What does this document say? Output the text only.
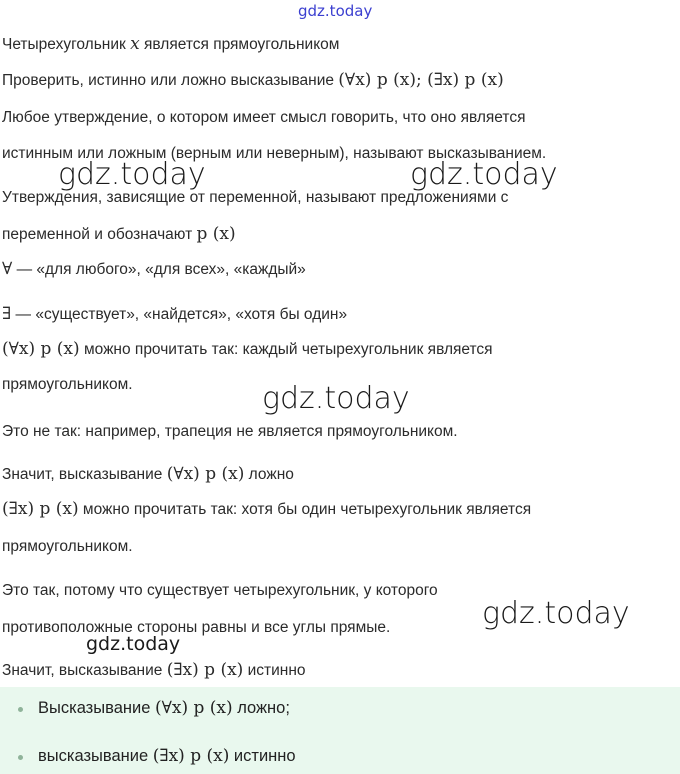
gdz.today
Четырехугольник x является прямоугольником
Проверить, истинно или ложно высказывание (∀x) p (x); (∃x) p (x)
Любое утверждение, о котором имеет смысл говорить, что оно является
истинным или ложным (верным или неверным), называют высказыванием.
Утверждения, зависящие от переменной, называют предложениями с
переменной и обозначают p (x)
∀ — «для любого», «для всех», «каждый»
∃ — «существует», «найдется», «хотя бы один»
(∀x) p (x) можно прочитать так: каждый четырехугольник является
прямоугольником.
Это не так: например, трапеция не является прямоугольником.
Значит, высказывание (∀x) p (x) ложно
(∃x) p (x) можно прочитать так: хотя бы один четырехугольник является
прямоугольником.
Это так, потому что существует четырехугольник, у которого
противоположные стороны равны и все углы прямые.
Значит, высказывание (∃x) p (x) истинно
Высказывание (∀x) p (x) ложно;
высказывание (∃x) p (x) истинно
gdz.today	gdz.today
gdz.today
gdz.today
gdz.today
